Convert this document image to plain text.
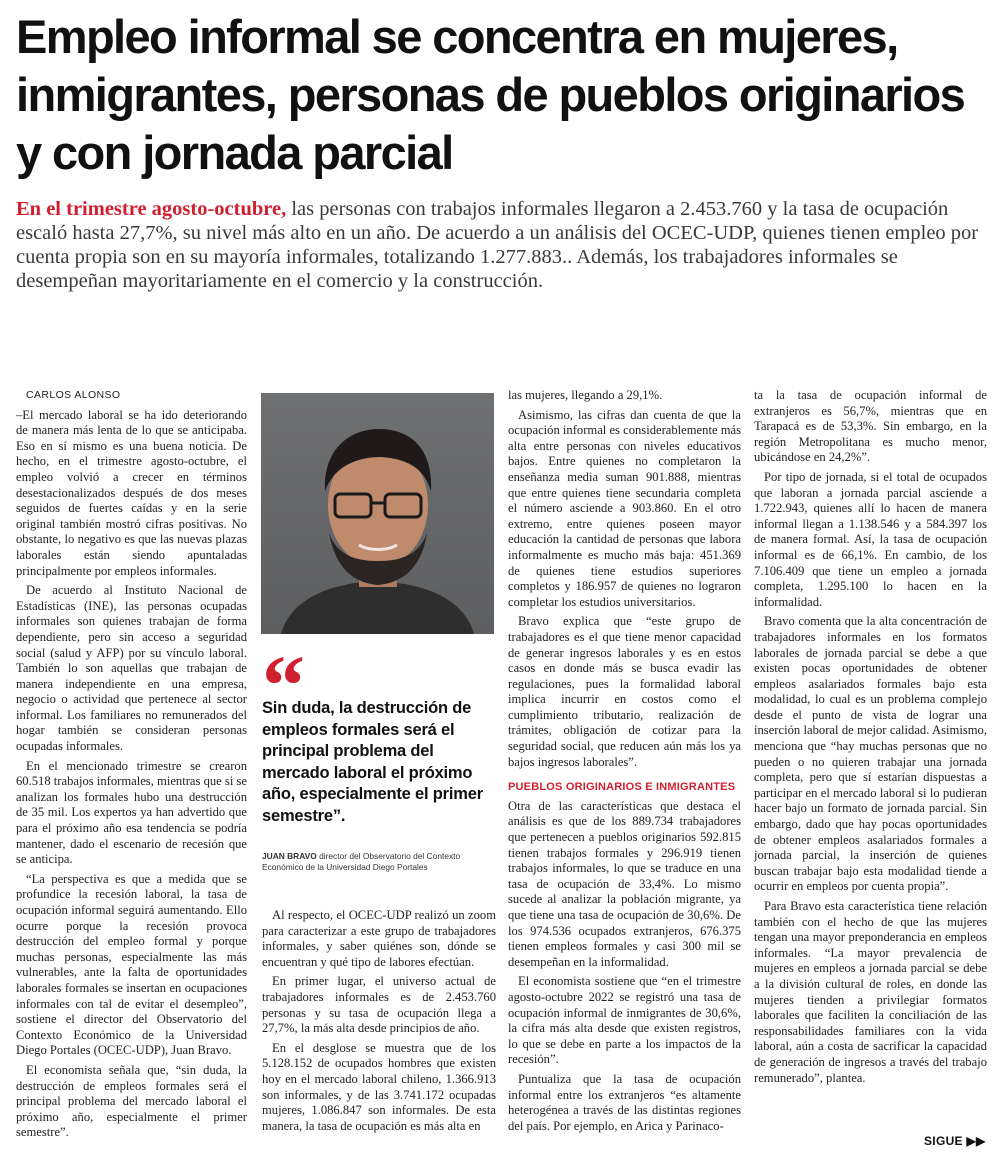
Empleo informal se concentra en mujeres, inmigrantes, personas de pueblos originarios y con jornada parcial

En el trimestre agosto-octubre, las personas con trabajos informales llegaron a 2.453.760 y la tasa de ocupación escaló hasta 27,7%, su nivel más alto en un año. De acuerdo a un análisis del OCEC-UDP, quienes tienen empleo por cuenta propia son en su mayoría informales, totalizando 1.277.883.. Además, los trabajadores informales se desempeñan mayoritariamente en el comercio y la construcción.

CARLOS ALONSO

–El mercado laboral se ha ido deteriorando de manera más lenta de lo que se anticipaba. Eso en sí mismo es una buena noticia. De hecho, en el trimestre agosto-octubre, el empleo volvió a crecer en términos desestacionalizados después de dos meses seguidos de fuertes caídas y en la serie original también mostró cifras positivas. No obstante, lo negativo es que las nuevas plazas laborales están siendo apuntaladas principalmente por empleos informales.

De acuerdo al Instituto Nacional de Estadísticas (INE), las personas ocupadas informales son quienes trabajan de forma dependiente, pero sin acceso a seguridad social (salud y AFP) por su vínculo laboral. También lo son aquellas que trabajan de manera independiente en una empresa, negocio o actividad que pertenece al sector informal. Los familiares no remunerados del hogar también se consideran personas ocupadas informales.

En el mencionado trimestre se crearon 60.518 trabajos informales, mientras que si se analizan los formales hubo una destrucción de 35 mil. Los expertos ya han advertido que para el próximo año esa tendencia se podría mantener, dado el escenario de recesión que se anticipa.

“La perspectiva es que a medida que se profundice la recesión laboral, la tasa de ocupación informal seguirá aumentando. Ello ocurre porque la recesión provoca destrucción del empleo formal y porque muchas personas, especialmente las más vulnerables, ante la falta de oportunidades laborales formales se insertan en ocupaciones informales con tal de evitar el desempleo”, sostiene el director del Observatorio del Contexto Económico de la Universidad Diego Portales (OCEC-UDP), Juan Bravo.

El economista señala que, “sin duda, la destrucción de empleos formales será el principal problema del mercado laboral el próximo año, especialmente el primer semestre”.

“

Sin duda, la destrucción de empleos formales será el principal problema del mercado laboral el próximo año, especialmente el primer semestre”.

JUAN BRAVO director del Observatorio del Contexto Económico de la Universidad Diego Portales

Al respecto, el OCEC-UDP realizó un zoom para caracterizar a este grupo de trabajadores informales, y saber quiénes son, dónde se encuentran y qué tipo de labores efectúan.

En primer lugar, el universo actual de trabajadores informales es de 2.453.760 personas y su tasa de ocupación llega a 27,7%, la más alta desde principios de año.

En el desglose se muestra que de los 5.128.152 de ocupados hombres que existen hoy en el mercado laboral chileno, 1.366.913 son informales, y de las 3.741.172 ocupadas mujeres, 1.086.847 son informales. De esta manera, la tasa de ocupación es más alta en

las mujeres, llegando a 29,1%.

Asimismo, las cifras dan cuenta de que la ocupación informal es considerablemente más alta entre personas con niveles educativos bajos. Entre quienes no completaron la enseñanza media suman 901.888, mientras que entre quienes tiene secundaria completa el número asciende a 903.860. En el otro extremo, entre quienes poseen mayor educación la cantidad de personas que labora informalmente es mucho más baja: 451.369 de quienes tiene estudios superiores completos y 186.957 de quienes no lograron completar los estudios universitarios.

Bravo explica que “este grupo de trabajadores es el que tiene menor capacidad de generar ingresos laborales y es en estos casos en donde más se busca evadir las regulaciones, pues la formalidad laboral implica incurrir en costos como el cumplimiento tributario, realización de trámites, obligación de cotizar para la seguridad social, que reducen aún más los ya bajos ingresos laborales”.

PUEBLOS ORIGINARIOS E INMIGRANTES

Otra de las características que destaca el análisis es que de los 889.734 trabajadores que pertenecen a pueblos originarios 592.815 tienen trabajos formales y 296.919 tienen trabajos informales, lo que se traduce en una tasa de ocupación de 33,4%. Lo mismo sucede al analizar la población migrante, ya que tiene una tasa de ocupación de 30,6%. De los 974.536 ocupados extranjeros, 676.375 tienen empleos formales y casi 300 mil se desempeñan en la informalidad.

El economista sostiene que “en el trimestre agosto-octubre 2022 se registró una tasa de ocupación informal de inmigrantes de 30,6%, la cifra más alta desde que existen registros, lo que se debe en parte a los impactos de la recesión”.

Puntualiza que la tasa de ocupación informal entre los extranjeros “es altamente heterogénea a través de las distintas regiones del país. Por ejemplo, en Arica y Parinaco-

ta la tasa de ocupación informal de extranjeros es 56,7%, mientras que en Tarapacá es de 53,3%. Sin embargo, en la región Metropolitana es mucho menor, ubicándose en 24,2%”.

Por tipo de jornada, si el total de ocupados que laboran a jornada parcial asciende a 1.722.943, quienes allí lo hacen de manera informal llegan a 1.138.546 y a 584.397 los de manera formal. Así, la tasa de ocupación informal es de 66,1%. En cambio, de los 7.106.409 que tiene un empleo a jornada completa, 1.295.100 lo hacen en la informalidad.

Bravo comenta que la alta concentración de trabajadores informales en los formatos laborales de jornada parcial se debe a que existen pocas oportunidades de obtener empleos asalariados formales bajo esta modalidad, lo cual es un problema complejo desde el punto de vista de lograr una inserción laboral de mejor calidad. Asimismo, menciona que “hay muchas personas que no pueden o no quieren trabajar una jornada completa, pero que sí estarían dispuestas a participar en el mercado laboral si lo pudieran hacer bajo un formato de jornada parcial. Sin embargo, dado que hay pocas oportunidades de obtener empleos asalariados formales a jornada parcial, la inserción de quienes buscan trabajar bajo esta modalidad tiende a ocurrir en empleos por cuenta propia”.

Para Bravo esta característica tiene relación también con el hecho de que las mujeres tengan una mayor preponderancia en empleos informales. “La mayor prevalencia de mujeres en empleos a jornada parcial se debe a la división cultural de roles, en donde las mujeres tienden a privilegiar formatos laborales que faciliten la conciliación de las responsabilidades familiares con la vida laboral, aún a costa de sacrificar la capacidad de generación de ingresos a través del trabajo remunerado”, plantea.

SIGUE ▶▶
